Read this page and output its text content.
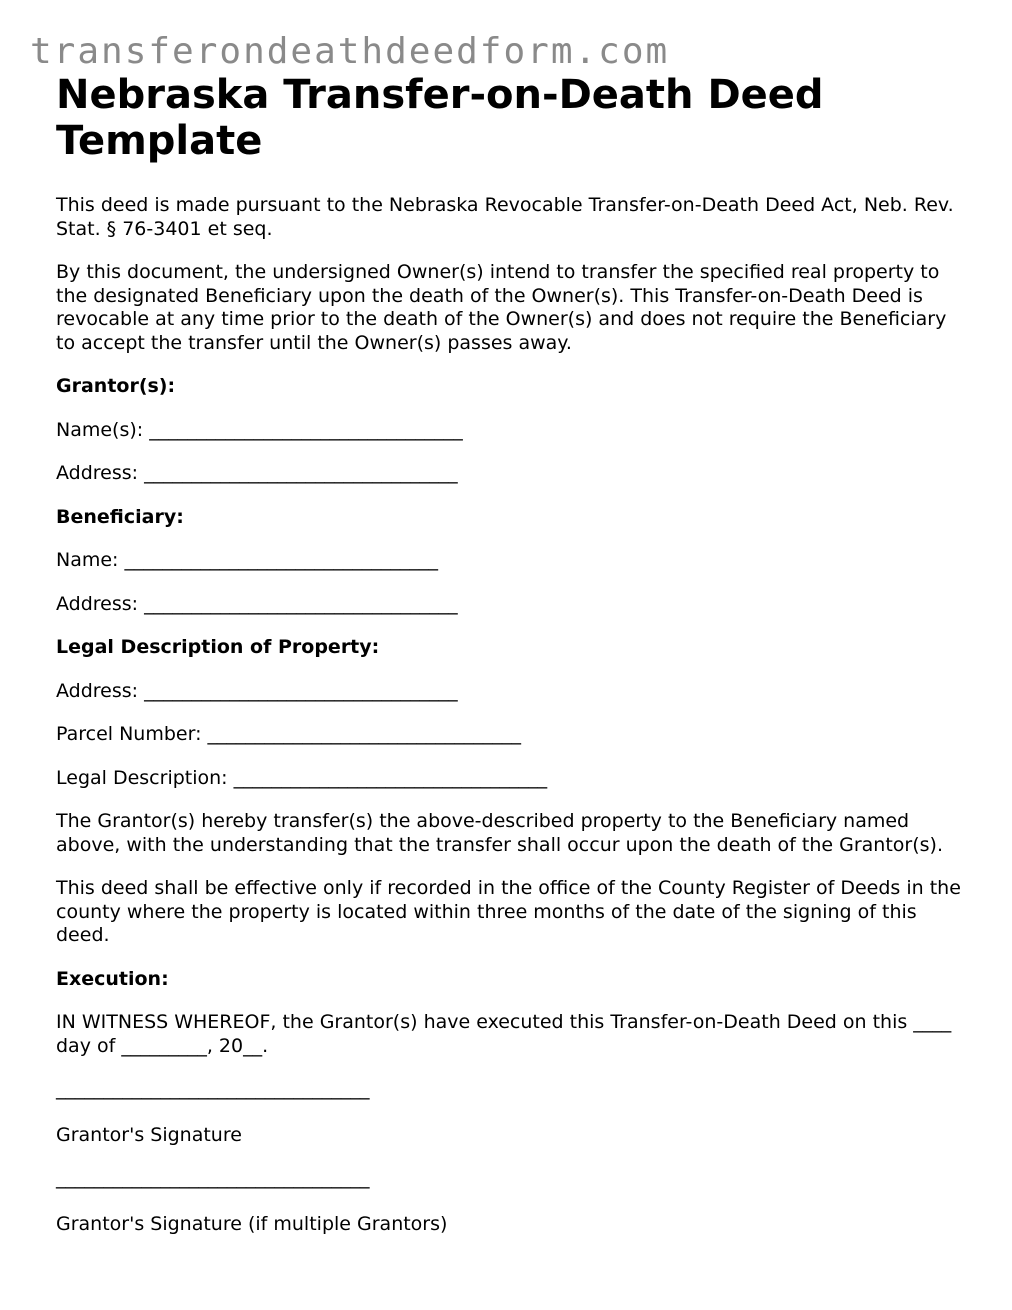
transferondeathdeedform.com
Nebraska Transfer-on-Death Deed Template

This deed is made pursuant to the Nebraska Revocable Transfer-on-Death Deed Act, Neb. Rev. Stat. § 76-3401 et seq.

By this document, the undersigned Owner(s) intend to transfer the specified real property to the designated Beneficiary upon the death of the Owner(s). This Transfer-on-Death Deed is revocable at any time prior to the death of the Owner(s) and does not require the Beneficiary to accept the transfer until the Owner(s) passes away.

Grantor(s):

Name(s): _________________________________

Address: _________________________________

Beneficiary:

Name: _________________________________

Address: _________________________________

Legal Description of Property:

Address: _________________________________

Parcel Number: _________________________________

Legal Description: _________________________________

The Grantor(s) hereby transfer(s) the above-described property to the Beneficiary named above, with the understanding that the transfer shall occur upon the death of the Grantor(s).

This deed shall be effective only if recorded in the office of the County Register of Deeds in the county where the property is located within three months of the date of the signing of this deed.

Execution:

IN WITNESS WHEREOF, the Grantor(s) have executed this Transfer-on-Death Deed on this ____ day of _________, 20__.

_________________________________

Grantor's Signature

_________________________________

Grantor's Signature (if multiple Grantors)
